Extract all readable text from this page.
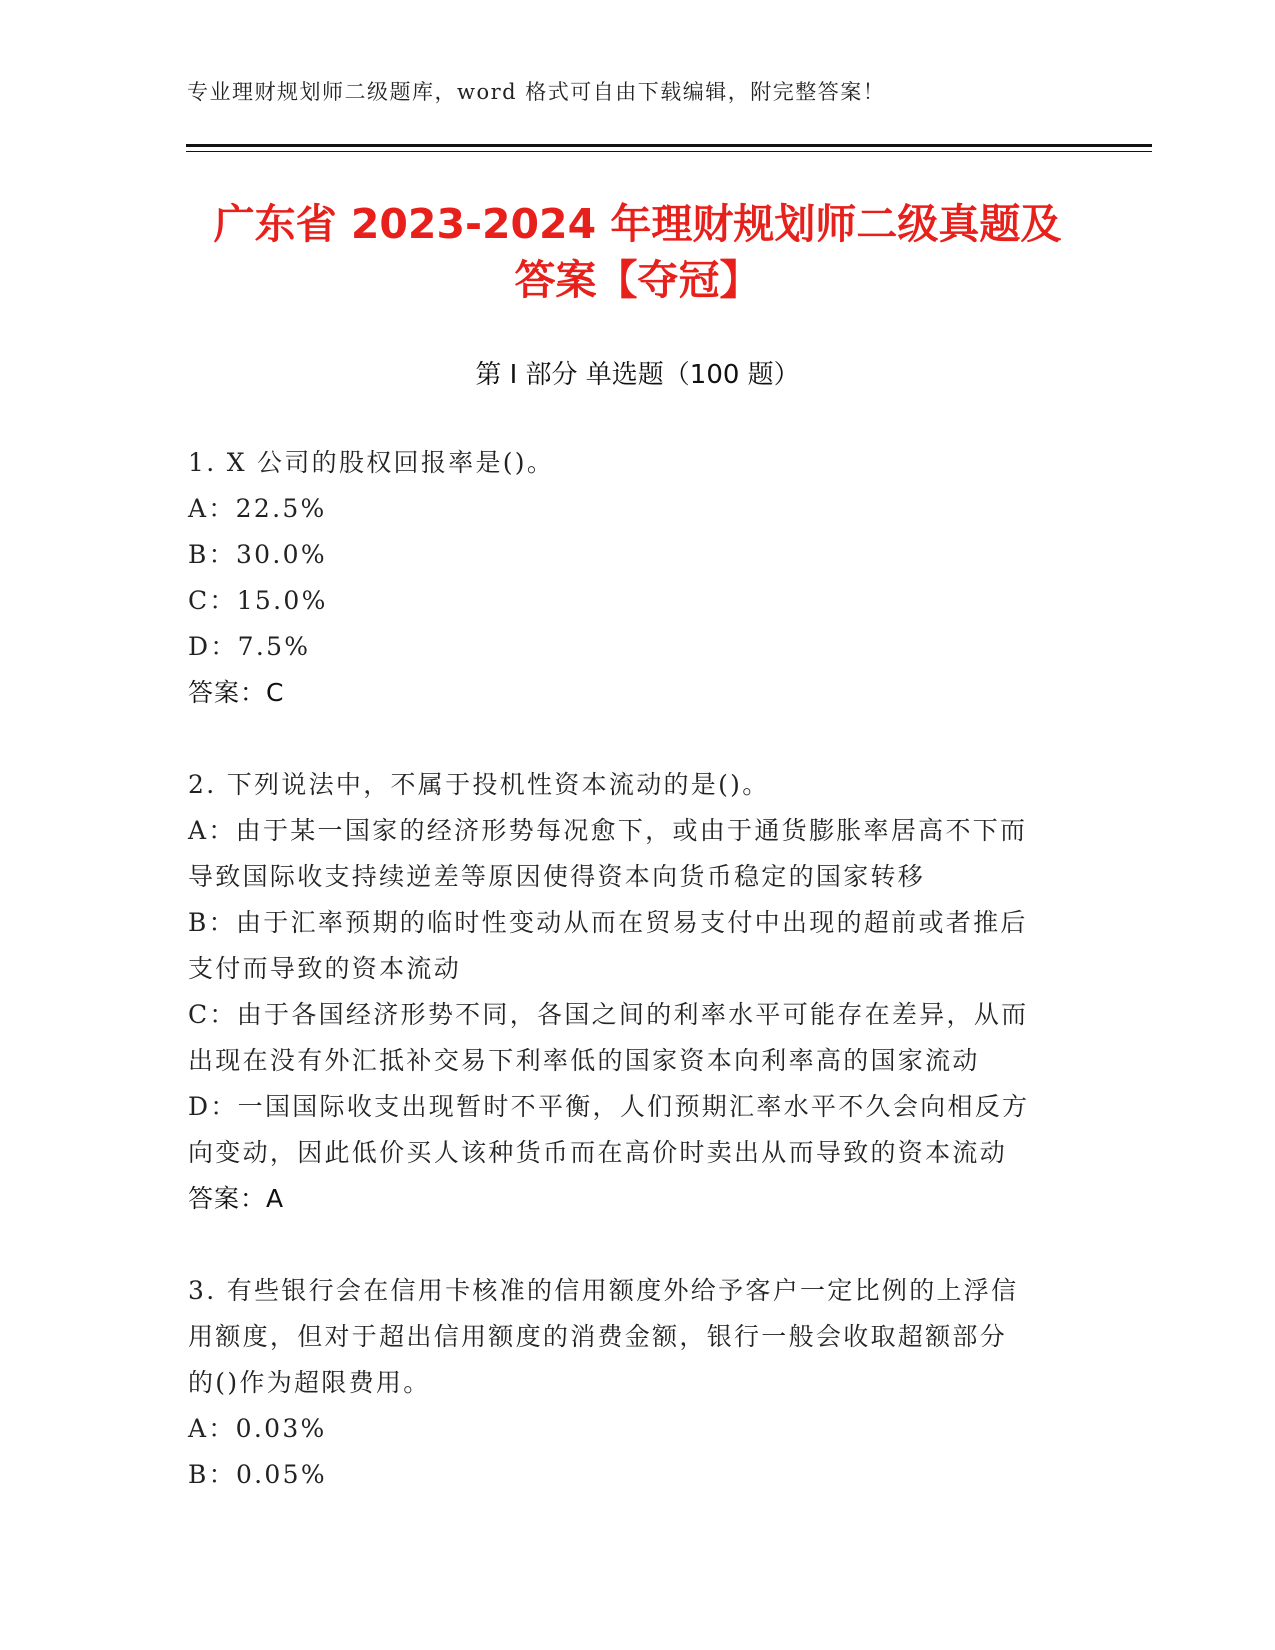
专业理财规划师二级题库，word 格式可自由下载编辑，附完整答案！
广东省 2023-2024 年理财规划师二级真题及
答案【夺冠】
第 I 部分 单选题（100 题）
1. X 公司的股权回报率是()。
A：22.5%
B：30.0%
C：15.0%
D：7.5%
答案：C
2. 下列说法中，不属于投机性资本流动的是()。
A：由于某一国家的经济形势每况愈下，或由于通货膨胀率居高不下而
导致国际收支持续逆差等原因使得资本向货币稳定的国家转移
B：由于汇率预期的临时性变动从而在贸易支付中出现的超前或者推后
支付而导致的资本流动
C：由于各国经济形势不同，各国之间的利率水平可能存在差异，从而
出现在没有外汇抵补交易下利率低的国家资本向利率高的国家流动
D：一国国际收支出现暂时不平衡，人们预期汇率水平不久会向相反方
向变动，因此低价买人该种货币而在高价时卖出从而导致的资本流动
答案：A
3. 有些银行会在信用卡核准的信用额度外给予客户一定比例的上浮信
用额度，但对于超出信用额度的消费金额，银行一般会收取超额部分
的()作为超限费用。
A：0.03%
B：0.05%
